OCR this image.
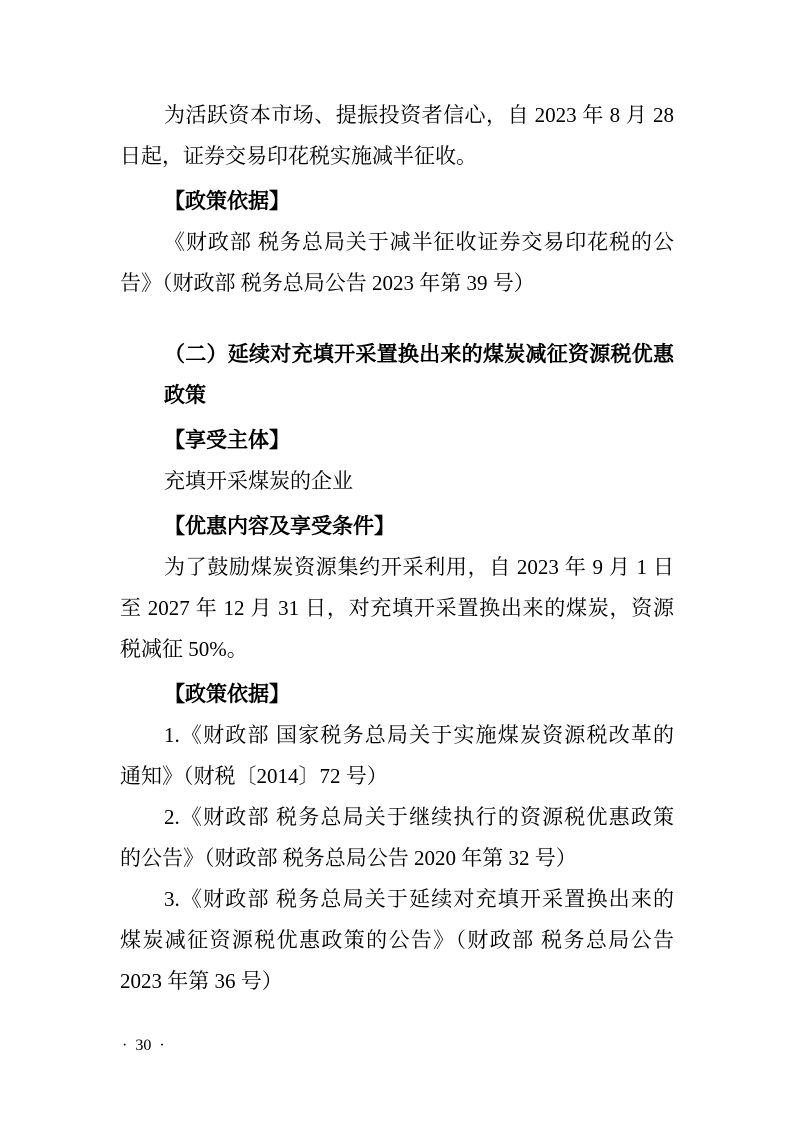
为活跃资本市场、提振投资者信心，自 2023 年 8 月 28
日起，证券交易印花税实施减半征收。
【政策依据】
《财政部 税务总局关于减半征收证券交易印花税的公
告》（财政部 税务总局公告 2023 年第 39 号）
（二）延续对充填开采置换出来的煤炭减征资源税优惠
政策
【享受主体】
充填开采煤炭的企业
【优惠内容及享受条件】
为了鼓励煤炭资源集约开采利用，自 2023 年 9 月 1 日
至 2027 年 12 月 31 日，对充填开采置换出来的煤炭，资源
税减征 50%。
【政策依据】
1.《财政部 国家税务总局关于实施煤炭资源税改革的
通知》（财税〔2014〕72 号）
2.《财政部 税务总局关于继续执行的资源税优惠政策
的公告》（财政部 税务总局公告 2020 年第 32 号）
3.《财政部 税务总局关于延续对充填开采置换出来的
煤炭减征资源税优惠政策的公告》（财政部 税务总局公告
2023 年第 36 号）
·  30  ·
